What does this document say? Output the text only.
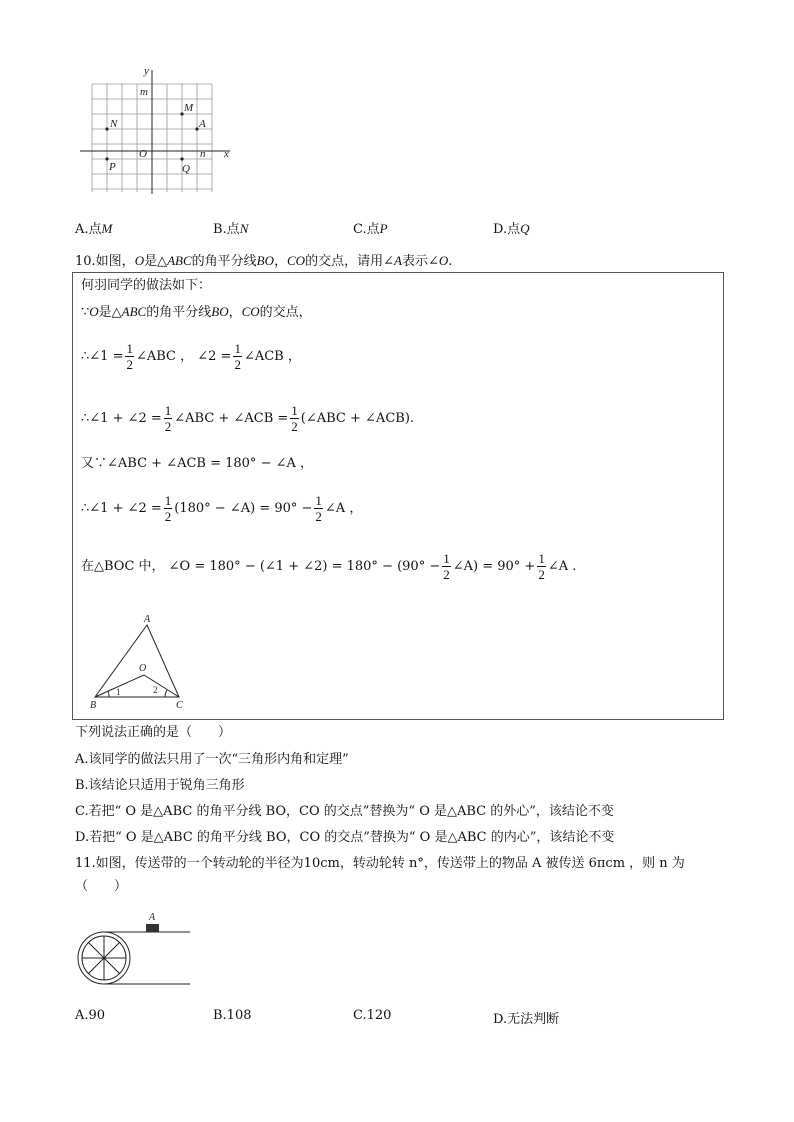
y
m
M
A
N
O	n x
P	Q
A.点M	B.点N	C.点P	D.点Q
10.如图，O是△ABC的角平分线BO，CO的交点，请用∠A表示∠O.
何羽同学的做法如下：
∵O是△ABC的角平分线BO，CO的交点，
∴∠1 = $\frac{1}{2}$ ∠ABC ， ∠2 = $\frac{1}{2}$ ∠ACB ，
∴∠1 + ∠2 = $\frac{1}{2}$ ∠ABC + ∠ACB = $\frac{1}{2}$ (∠ABC + ∠ACB).
又∵∠ABC + ∠ACB = 180° − ∠A ，
∴∠1 + ∠2 = $\frac{1}{2} (180^\circ$ − ∠A) = $90^\circ - \frac{1}{2}$ ∠A ，
在△BOC 中， ∠O = 180° − (∠1 + ∠2) = $180^\circ - (90^\circ - \frac{1}{2}$ ∠A) = $90^\circ + \frac{1}{2}$ ∠A .
A
O
B	C
1	2
下列说法正确的是（　　）
A.该同学的做法只用了一次“三角形内角和定理”
B.该结论只适用于锐角三角形
C.若把“ O 是△ABC 的角平分线 BO，CO 的交点”替换为“ O 是△ABC 的外心”，该结论不变
D.若把“ O 是△ABC 的角平分线 BO，CO 的交点”替换为“ O 是△ABC 的内心”，该结论不变
11.如图，传送带的一个转动轮的半径为10cm，转动轮转 n°，传送带上的物品 A 被传送 6πcm ，则 n 为
（　　）
A
A.90	B.108	C.120	D.无法判断
